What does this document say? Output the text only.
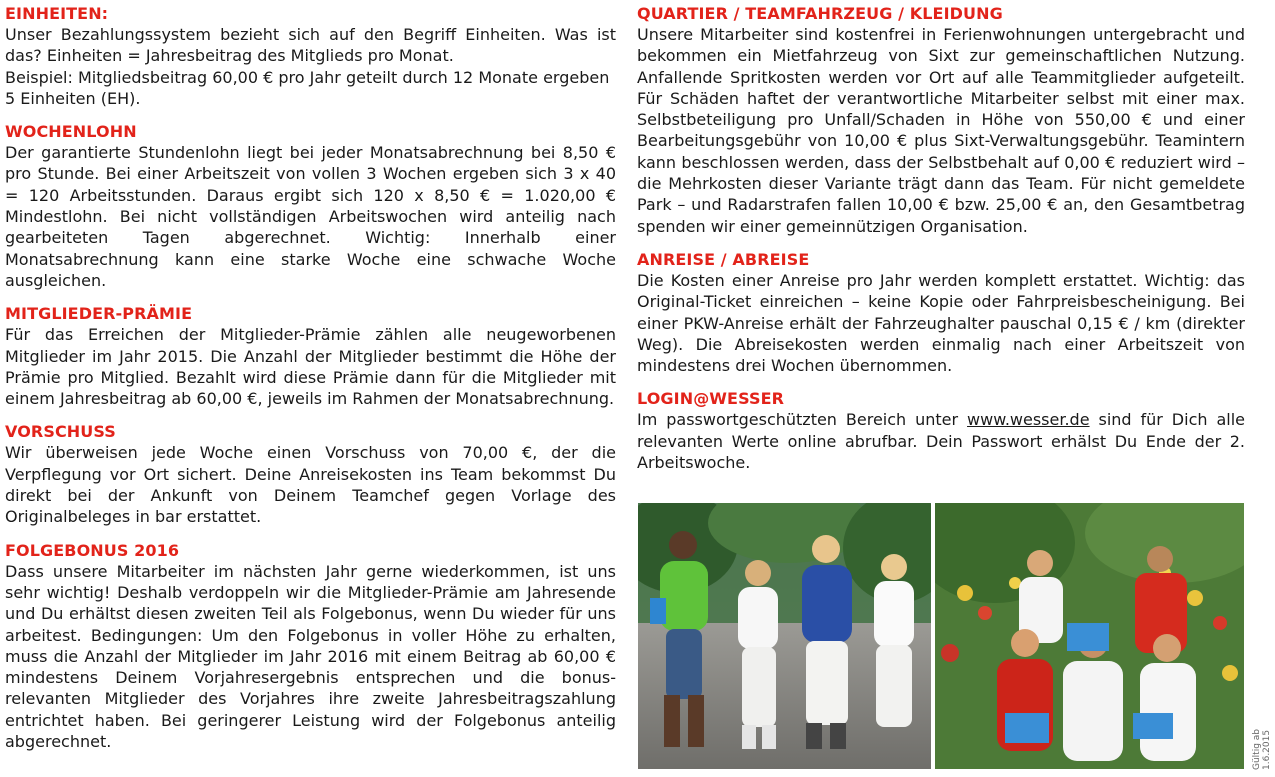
EINHEITEN:

Unser Bezahlungssystem bezieht sich auf den Begriff Einheiten. Was ist das? Einheiten = Jahresbeitrag des Mitglieds pro Monat.

Beispiel: Mitgliedsbeitrag 60,00 € pro Jahr geteilt durch 12 Monate ergeben 5 Einheiten (EH).

WOCHENLOHN

Der garantierte Stundenlohn liegt bei jeder Monatsabrechnung bei 8,50 € pro Stunde. Bei einer Arbeitszeit von vollen 3 Wochen ergeben sich 3 x 40 = 120 Arbeitsstunden. Daraus ergibt sich 120 x 8,50 € = 1.020,00 € Mindestlohn. Bei nicht vollständigen Arbeitswochen wird anteilig nach gearbeiteten Tagen abgerechnet. Wichtig: Innerhalb einer Monatsabrechnung kann eine starke Woche eine schwache Woche ausgleichen.

MITGLIEDER-PRÄMIE

Für das Erreichen der Mitglieder-Prämie zählen alle neugeworbenen Mitglieder im Jahr 2015. Die Anzahl der Mitglieder bestimmt die Höhe der Prämie pro Mitglied. Bezahlt wird diese Prämie dann für die Mitglieder mit einem Jahresbeitrag ab 60,00 €, jeweils im Rahmen der Monatsabrechnung.

VORSCHUSS

Wir überweisen jede Woche einen Vorschuss von 70,00 €, der die Verpflegung vor Ort sichert. Deine Anreisekosten ins Team bekommst Du direkt bei der Ankunft von Deinem Teamchef gegen Vorlage des Originalbeleges in bar erstattet.

FOLGEBONUS 2016

Dass unsere Mitarbeiter im nächsten Jahr gerne wiederkommen, ist uns sehr wichtig! Deshalb verdoppeln wir die Mitglieder-Prämie am Jahresende und Du erhältst diesen zweiten Teil als Folgebonus, wenn Du wieder für uns arbeitest. Bedingungen: Um den Folgebonus in voller Höhe zu erhalten, muss die Anzahl der Mitglieder im Jahr 2016 mit einem Beitrag ab 60,00 € mindestens Deinem Vorjahresergebnis entsprechen und die bonus-relevanten Mitglieder des Vorjahres ihre zweite Jahresbeitragszahlung entrichtet haben. Bei geringerer Leistung wird der Folgebonus anteilig abgerechnet.

QUARTIER / TEAMFAHRZEUG / KLEIDUNG

Unsere Mitarbeiter sind kostenfrei in Ferienwohnungen untergebracht und bekommen ein Mietfahrzeug von Sixt zur gemeinschaftlichen Nutzung. Anfallende Spritkosten werden vor Ort auf alle Teammitglieder aufgeteilt. Für Schäden haftet der verantwortliche Mitarbeiter selbst mit einer max. Selbstbeteiligung pro Unfall/Schaden in Höhe von 550,00 € und einer Bearbeitungsgebühr von 10,00 € plus Sixt-Verwaltungsgebühr. Teamintern kann beschlossen werden, dass der Selbstbehalt auf 0,00 € reduziert wird – die Mehrkosten dieser Variante trägt dann das Team. Für nicht gemeldete Park – und Radarstrafen fallen 10,00 € bzw. 25,00 € an, den Gesamtbetrag spenden wir einer gemeinnützigen Organisation.

ANREISE / ABREISE

Die Kosten einer Anreise pro Jahr werden komplett erstattet. Wichtig: das Original-Ticket einreichen – keine Kopie oder Fahrpreisbescheinigung. Bei einer PKW-Anreise erhält der Fahrzeughalter pauschal 0,15 € / km (direkter Weg). Die Abreisekosten werden einmalig nach einer Arbeitszeit von mindestens drei Wochen übernommen.

LOGIN@WESSER

Im passwortgeschützten Bereich unter www.wesser.de sind für Dich alle relevanten Werte online abrufbar. Dein Passwort erhälst Du Ende der 2. Arbeitswoche.

Gültig ab 1.6.2015
